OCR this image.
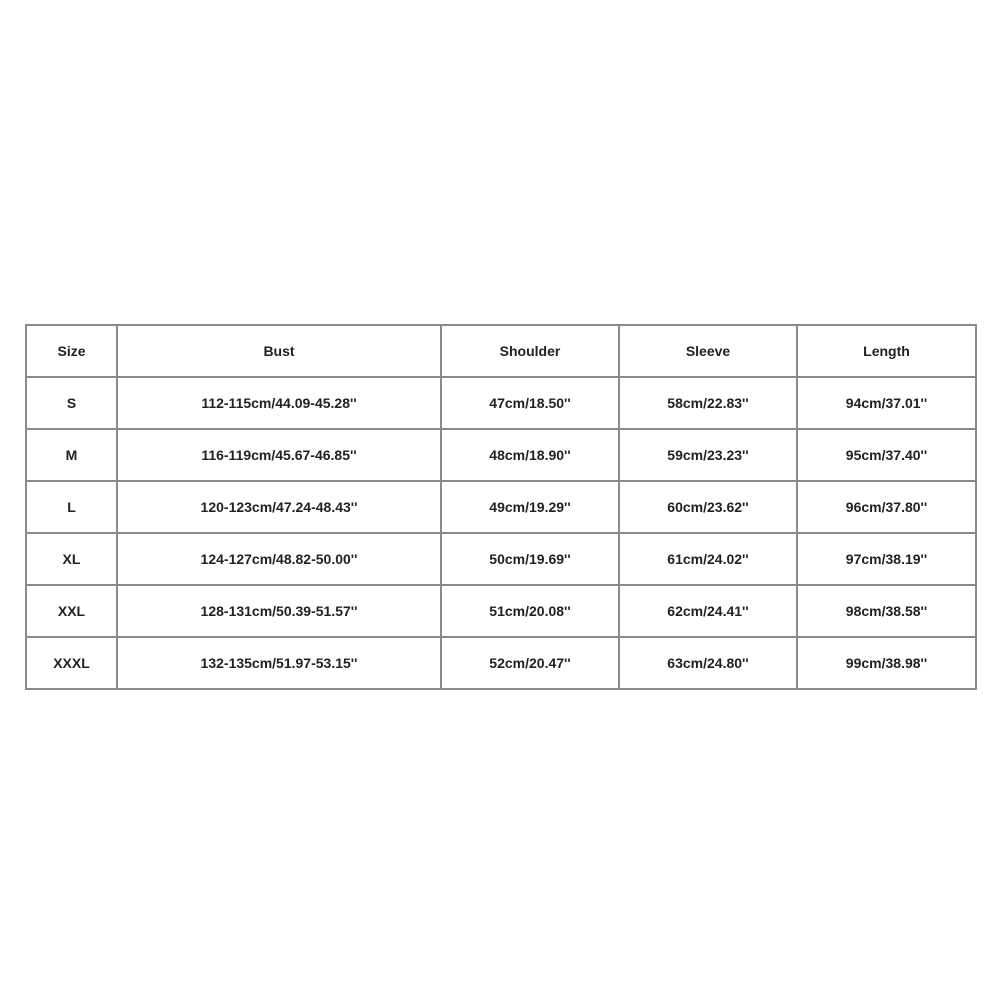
Size	Bust	Shoulder	Sleeve	Length
S	112-115cm/44.09-45.28''	47cm/18.50''	58cm/22.83''	94cm/37.01''
M	116-119cm/45.67-46.85''	48cm/18.90''	59cm/23.23''	95cm/37.40''
L	120-123cm/47.24-48.43''	49cm/19.29''	60cm/23.62''	96cm/37.80''
XL	124-127cm/48.82-50.00''	50cm/19.69''	61cm/24.02''	97cm/38.19''
XXL	128-131cm/50.39-51.57''	51cm/20.08''	62cm/24.41''	98cm/38.58''
XXXL	132-135cm/51.97-53.15''	52cm/20.47''	63cm/24.80''	99cm/38.98''
